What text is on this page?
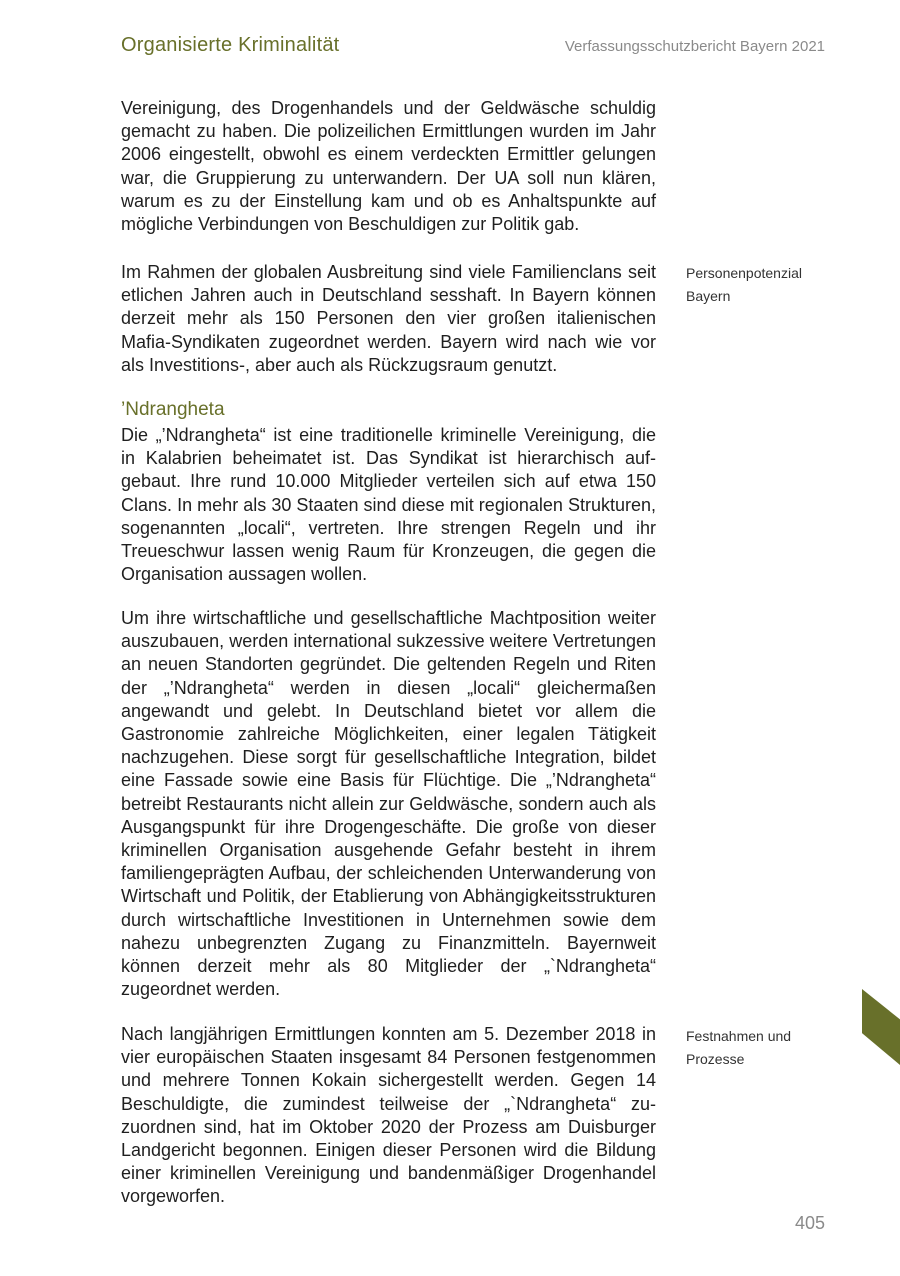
Organisierte Kriminalität	Verfassungsschutzbericht Bayern 2021

Vereinigung, des Drogenhandels und der Geldwäsche schuldig gemacht zu haben. Die polizeilichen Ermittlungen wurden im Jahr 2006 eingestellt, obwohl es einem verdeckten Ermittler gelungen war, die Gruppierung zu unterwandern. Der UA soll nun klären, warum es zu der Einstellung kam und ob es Anhaltspunkte auf mögliche Verbindungen von Beschuldigen zur Politik gab.

Im Rahmen der globalen Ausbreitung sind viele Familienclans seit etlichen Jahren auch in Deutschland sesshaft. In Bayern können derzeit mehr als 150 Personen den vier großen italienischen Mafia-Syndikaten zugeordnet werden. Bayern wird nach wie vor als Investitions-, aber auch als Rückzugsraum genutzt.

Personenpotenzial
Bayern
’Ndrangheta

Die „’Ndrangheta“ ist eine traditionelle kriminelle Vereinigung, die in Kalabrien beheimatet ist. Das Syndikat ist hierarchisch aufgebaut. Ihre rund 10.000 Mitglieder verteilen sich auf etwa 150 Clans. In mehr als 30 Staaten sind diese mit regionalen Strukturen, sogenannten „locali“, vertreten. Ihre strengen Regeln und ihr Treueschwur lassen wenig Raum für Kronzeugen, die gegen die Organisation aussagen wollen.

Um ihre wirtschaftliche und gesellschaftliche Machtposition weiter auszubauen, werden international sukzessive weitere Vertretungen an neuen Standorten gegründet. Die geltenden Regeln und Riten der „’Ndrangheta“ werden in diesen „locali“ gleichermaßen angewandt und gelebt. In Deutschland bietet vor allem die Gastronomie zahlreiche Möglichkeiten, einer legalen Tätigkeit nachzugehen. Diese sorgt für gesellschaftliche Integration, bildet eine Fassade sowie eine Basis für Flüchtige. Die „’Ndrangheta“ betreibt Restaurants nicht allein zur Geldwäsche, sondern auch als Ausgangspunkt für ihre Drogengeschäfte. Die große von dieser kriminellen Organisation ausgehende Gefahr besteht in ihrem familiengeprägten Aufbau, der schleichenden Unterwanderung von Wirtschaft und Politik, der Etablierung von Abhängigkeitsstrukturen durch wirtschaftliche Investitionen in Unternehmen sowie dem nahezu unbegrenzten Zugang zu Finanzmitteln. Bayernweit können derzeit mehr als 80 Mitglieder der „`Ndrangheta“ zugeordnet werden.

Nach langjährigen Ermittlungen konnten am 5. Dezember 2018 in vier europäischen Staaten insgesamt 84 Personen festgenommen und mehrere Tonnen Kokain sichergestellt werden. Gegen 14 Beschuldigte, die zumindest teilweise der „`Ndrangheta“ zuzuordnen sind, hat im Oktober 2020 der Prozess am Duisburger Landgericht begonnen. Einigen dieser Personen wird die Bildung einer kriminellen Vereinigung und bandenmäßiger Drogenhandel vorgeworfen.

Festnahmen und
Prozesse
405
